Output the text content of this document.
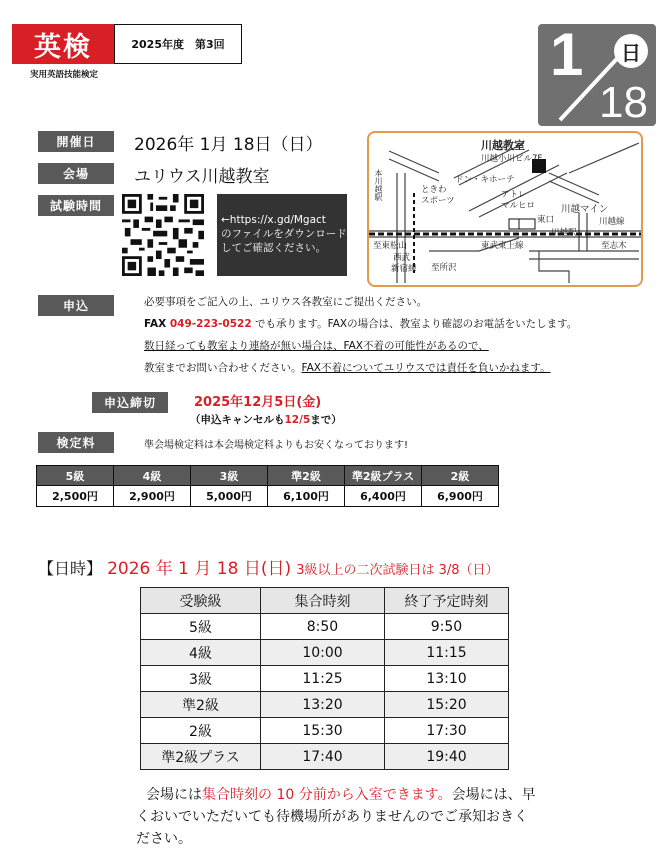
英検
実用英語技能検定
2025年度　第3回	1
18
日
開催日	2026年 1月 18日（日）
会場	ユリウス川越教室
試験時間
←https://x.gd/Mgact
のファイルをダウンロード
してご確認ください。
川越教室
川越小川ビル7F
本川越駅	ときわ
スポーツ
ドン・キホーテ
アトレ
マルヒロ
東口
川越マイン
川越線
東武東上線
川越駅
至東松山	至志木
西武
新宿線 至所沢
申込	必要事項をご記入の上、ユリウス各教室にご提出ください。
FAX 049-223-0522 でも承ります。FAXの場合は、教室より確認のお電話をいたします。
数日経っても教室より連絡が無い場合は、FAX不着の可能性があるので、
教室までお問い合わせください。FAX不着についてユリウスでは責任を負いかねます。
申込締切	2025年12月5日(金)
（申込キャンセルも12/5まで）
検定料	準会場検定料は本会場検定料よりもお安くなっております!
5級	4級	3級	準2級	準2級プラス	2級
2,500円	2,900円	5,000円	6,100円	6,400円	6,900円
【日時】 2026 年 1 月 18 日(日) 3級以上の二次試験日は 3/8（日）
受験級	集合時刻	終了予定時刻
5級	8:50	9:50
4級	10:00	11:15
3級	11:25	13:10
準2級	13:20	15:20
2級	15:30	17:30
準2級プラス	17:40	19:40
会場には集合時刻の 10 分前から入室できます。会場には、早くおいでいただいても待機場所がありませんのでご承知おきください。
